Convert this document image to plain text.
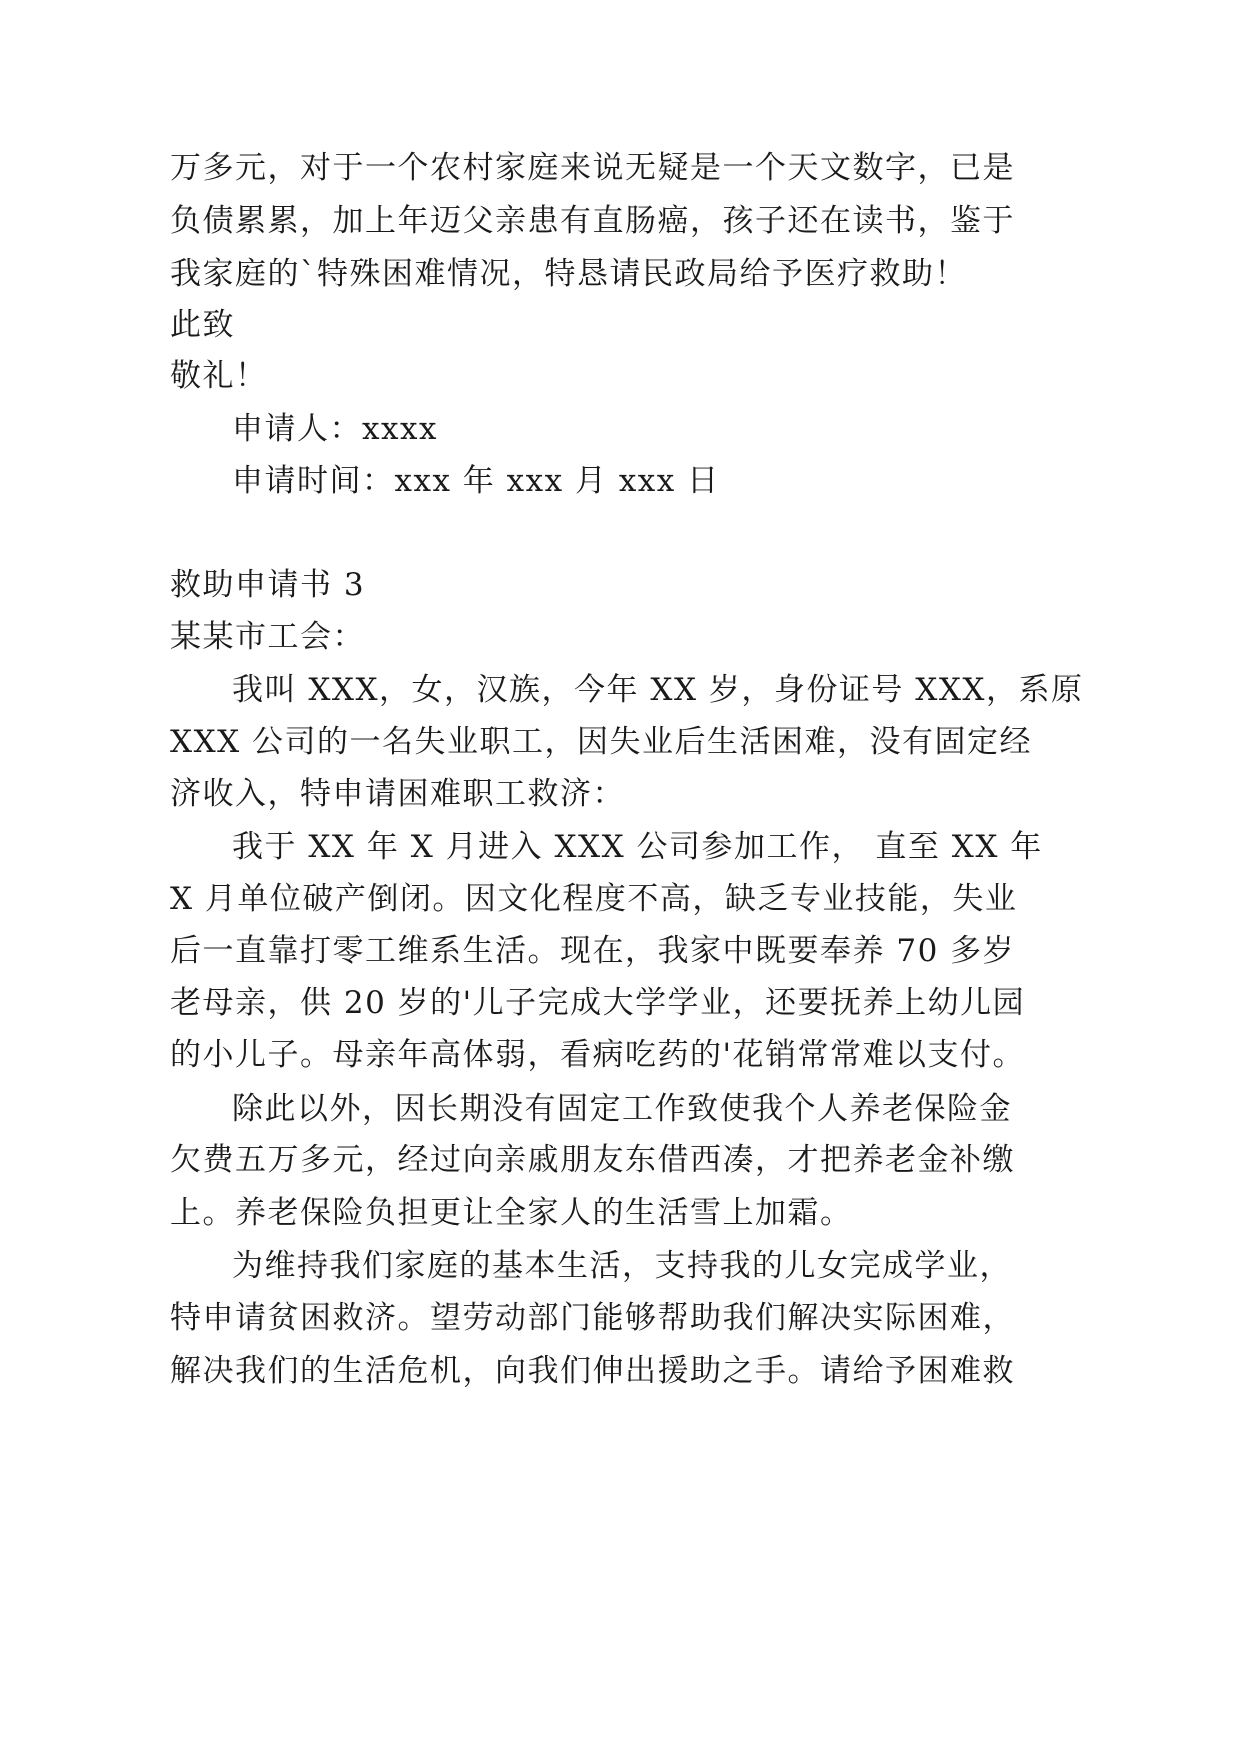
万多元，对于一个农村家庭来说无疑是一个天文数字，已是
负债累累，加上年迈父亲患有直肠癌，孩子还在读书，鉴于
我家庭的`特殊困难情况，特恳请民政局给予医疗救助！
此致
敬礼！
申请人：xxxx
申请时间：xxx 年 xxx 月 xxx 日
救助申请书 3
某某市工会：
我叫 XXX，女，汉族，今年 XX 岁，身份证号 XXX，系原
XXX 公司的一名失业职工，因失业后生活困难，没有固定经
济收入，特申请困难职工救济：
我于 XX 年 X 月进入 XXX 公司参加工作， 直至 XX 年
X 月单位破产倒闭。因文化程度不高，缺乏专业技能，失业
后一直靠打零工维系生活。现在，我家中既要奉养 70 多岁
老母亲，供 20 岁的'儿子完成大学学业，还要抚养上幼儿园
的小儿子。母亲年高体弱，看病吃药的'花销常常难以支付。
除此以外，因长期没有固定工作致使我个人养老保险金
欠费五万多元，经过向亲戚朋友东借西凑，才把养老金补缴
上。养老保险负担更让全家人的生活雪上加霜。
为维持我们家庭的基本生活，支持我的儿女完成学业，
特申请贫困救济。望劳动部门能够帮助我们解决实际困难，
解决我们的生活危机，向我们伸出援助之手。请给予困难救
